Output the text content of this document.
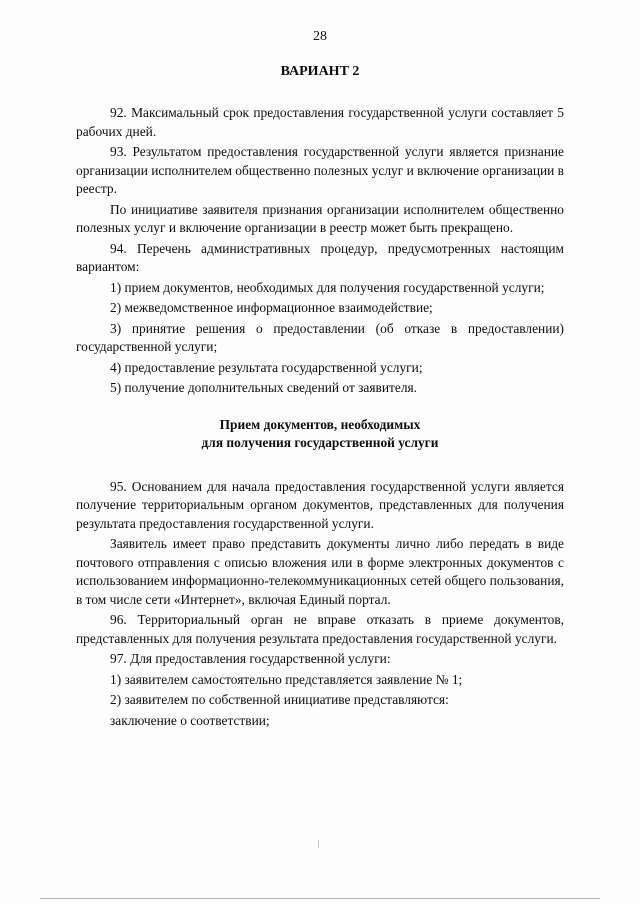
28
ВАРИАНТ 2

92. Максимальный срок предоставления государственной услуги составляет 5 рабочих дней.

93. Результатом предоставления государственной услуги является признание организации исполнителем общественно полезных услуг и включение организации в реестр.

По инициативе заявителя признания организации исполнителем общественно полезных услуг и включение организации в реестр может быть прекращено.

94. Перечень административных процедур, предусмотренных настоящим вариантом:

1) прием документов, необходимых для получения государственной услуги;

2) межведомственное информационное взаимодействие;

3) принятие решения о предоставлении (об отказе в предоставлении) государственной услуги;

4) предоставление результата государственной услуги;

5) получение дополнительных сведений от заявителя.

Прием документов, необходимых
для получения государственной услуги

95. Основанием для начала предоставления государственной услуги является получение территориальным органом документов, представленных для получения результата предоставления государственной услуги.

Заявитель имеет право представить документы лично либо передать в виде почтового отправления с описью вложения или в форме электронных документов с использованием информационно-телекоммуникационных сетей общего пользования, в том числе сети «Интернет», включая Единый портал.

96. Территориальный орган не вправе отказать в приеме документов, представленных для получения результата предоставления государственной услуги.

97. Для предоставления государственной услуги:

1) заявителем самостоятельно представляется заявление № 1;

2) заявителем по собственной инициативе представляются:

заключение о соответствии;
